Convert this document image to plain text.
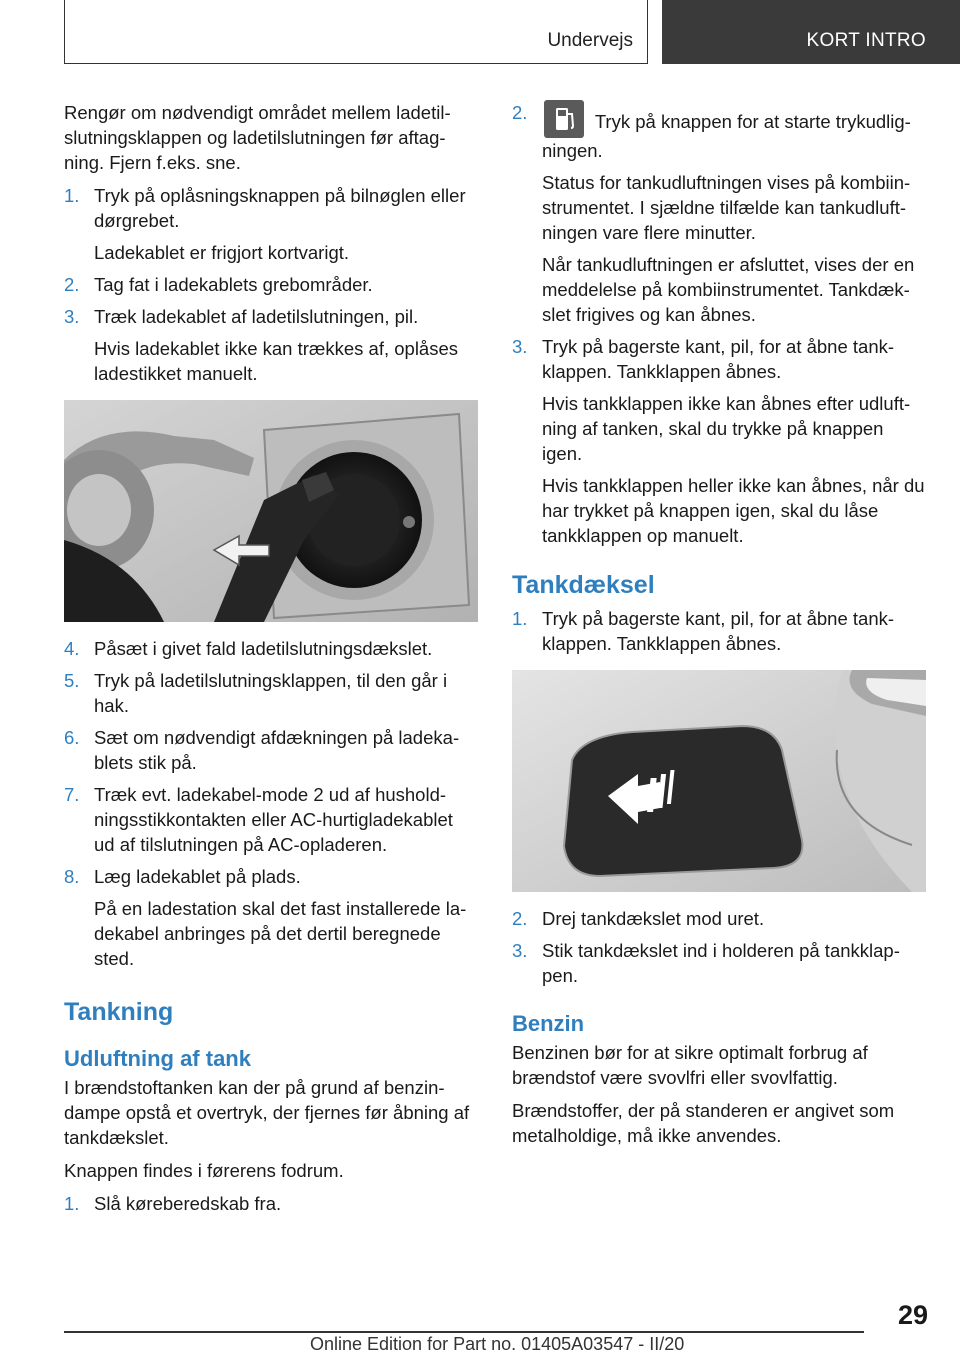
Undervejs	KORT INTRO

Rengør om nødvendigt området mellem ladetilslutningsklappen og ladetilslutningen før aftagning. Fjern f.eks. sne.

1. Tryk på oplåsningsknappen på bilnøglen eller dørgrebet.

Ladekablet er frigjort kortvarigt.

2. Tag fat i ladekablets grebområder.
3. Træk ladekablet af ladetilslutningen, pil.

Hvis ladekablet ikke kan trækkes af, oplåses ladestikket manuelt.

4. Påsæt i givet fald ladetilslutningsdækslet.
5. Tryk på ladetilslutningsklappen, til den går i hak.
6. Sæt om nødvendigt afdækningen på ladekablets stik på.
7. Træk evt. ladekabel-mode 2 ud af husholdningsstikkontakten eller AC-hurtigladekablet ud af tilslutningen på AC-opladeren.
8. Læg ladekablet på plads.

På en ladestation skal det fast installerede ladekabel anbringes på det dertil beregnede sted.

Tankning
Udluftning af tank

I brændstoftanken kan der på grund af benzindampe opstå et overtryk, der fjernes før åbning af tankdækslet.

Knappen findes i førerens fodrum.

1. Slå køreberedskab fra.
2.	Tryk på knappen for at starte trykudligningen.

Status for tankudluftningen vises på kombiinstrumentet. I sjældne tilfælde kan tankudluftningen vare flere minutter.

Når tankudluftningen er afsluttet, vises der en meddelelse på kombiinstrumentet. Tankdækslet frigives og kan åbnes.

3. Tryk på bagerste kant, pil, for at åbne tankklappen. Tankklappen åbnes.

Hvis tankklappen ikke kan åbnes efter udluftning af tanken, skal du trykke på knappen igen.

Hvis tankklappen heller ikke kan åbnes, når du har trykket på knappen igen, skal du låse tankklappen op manuelt.

Tankdæksel
1. Tryk på bagerste kant, pil, for at åbne tankklappen. Tankklappen åbnes.
2. Drej tankdækslet mod uret.
3. Stik tankdækslet ind i holderen på tankklappen.
Benzin

Benzinen bør for at sikre optimalt forbrug af brændstof være svovlfri eller svovlfattig.

Brændstoffer, der på standeren er angivet som metalholdige, må ikke anvendes.

29
Online Edition for Part no. 01405A03547 - II/20
